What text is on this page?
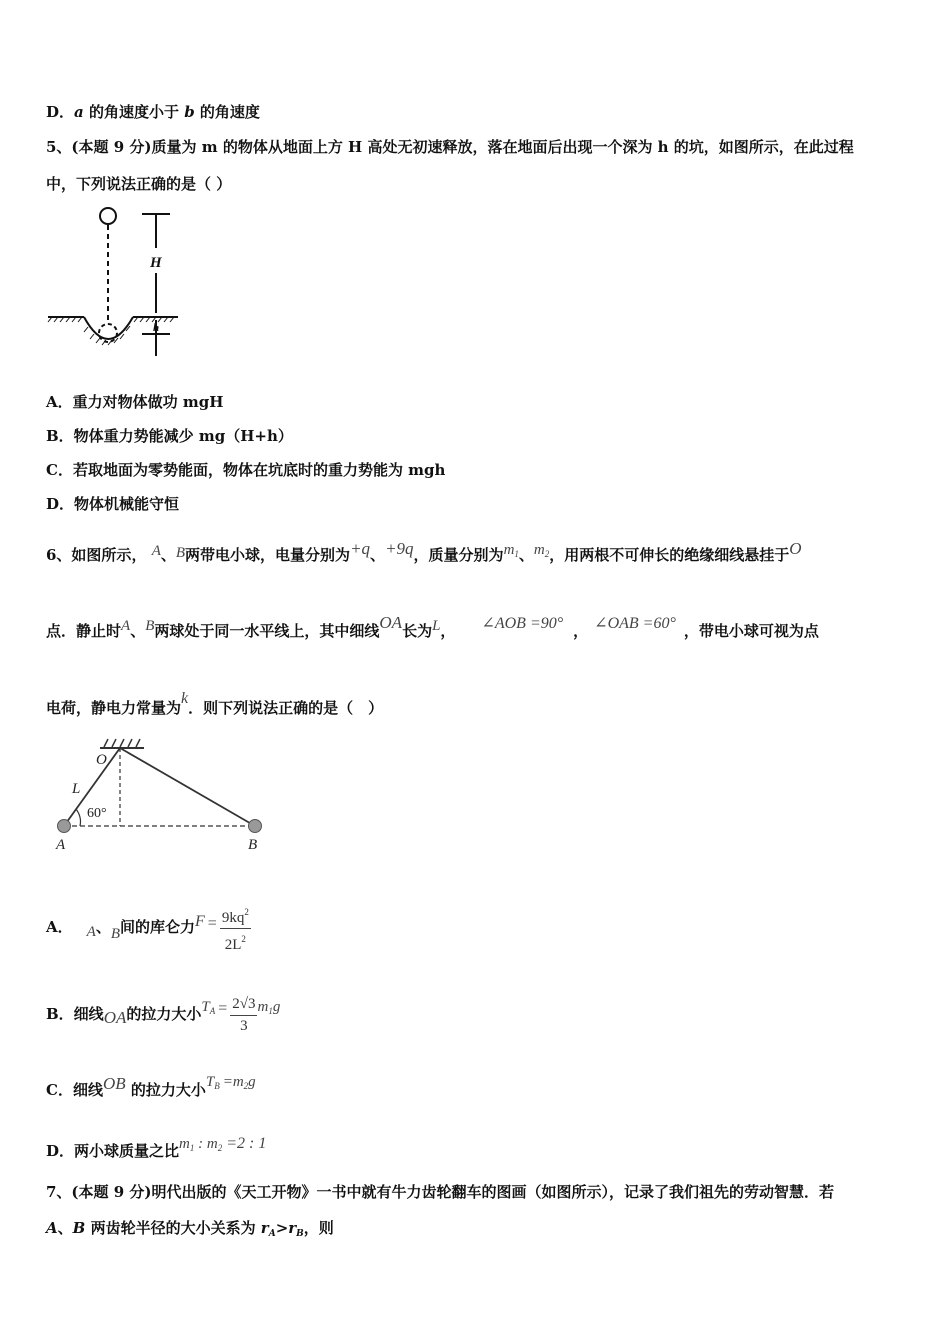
D．a 的角速度小于 b 的角速度
5、(本题 9 分)质量为 m 的物体从地面上方 H 高处无初速释放，落在地面后出现一个深为 h 的坑，如图所示，在此过程
中，下列说法正确的是（ ）
H
h
A．重力对物体做功 mgH
B．物体重力势能减少 mg（H+h）
C．若取地面为零势能面，物体在坑底时的重力势能为 mgh
D．物体机械能守恒
6、如图所示， A、B两带电小球，电量分别为+q、+9q，质量分别为$m_1$、$m_2$，用两根不可伸长的绝缘细线悬挂于O
点．静止时A、B两球处于同一水平线上，其中细线OA长为L， ∠AOB =90° ， ∠OAB =60° ，带电小球可视为点
电荷，静电力常量为k．则下列说法正确的是（　）
O
L
60°
A	B
A． A、B间的库仑力$F = \frac{9kq^2}{2L^2}$
B．细线OA的拉力大小$T_A = \frac{2√3}{3} m_1g$
C．细线OB 的拉力大小$T_B =m_2g$
D．两小球质量之比$m_1$ : $m_2 =2$ : 1
7、(本题 9 分)明代出版的《天工开物》一书中就有牛力齿轮翻车的图画（如图所示），记录了我们祖先的劳动智慧．若
A、B 两齿轮半径的大小关系为 $r_A>r_B$，则
